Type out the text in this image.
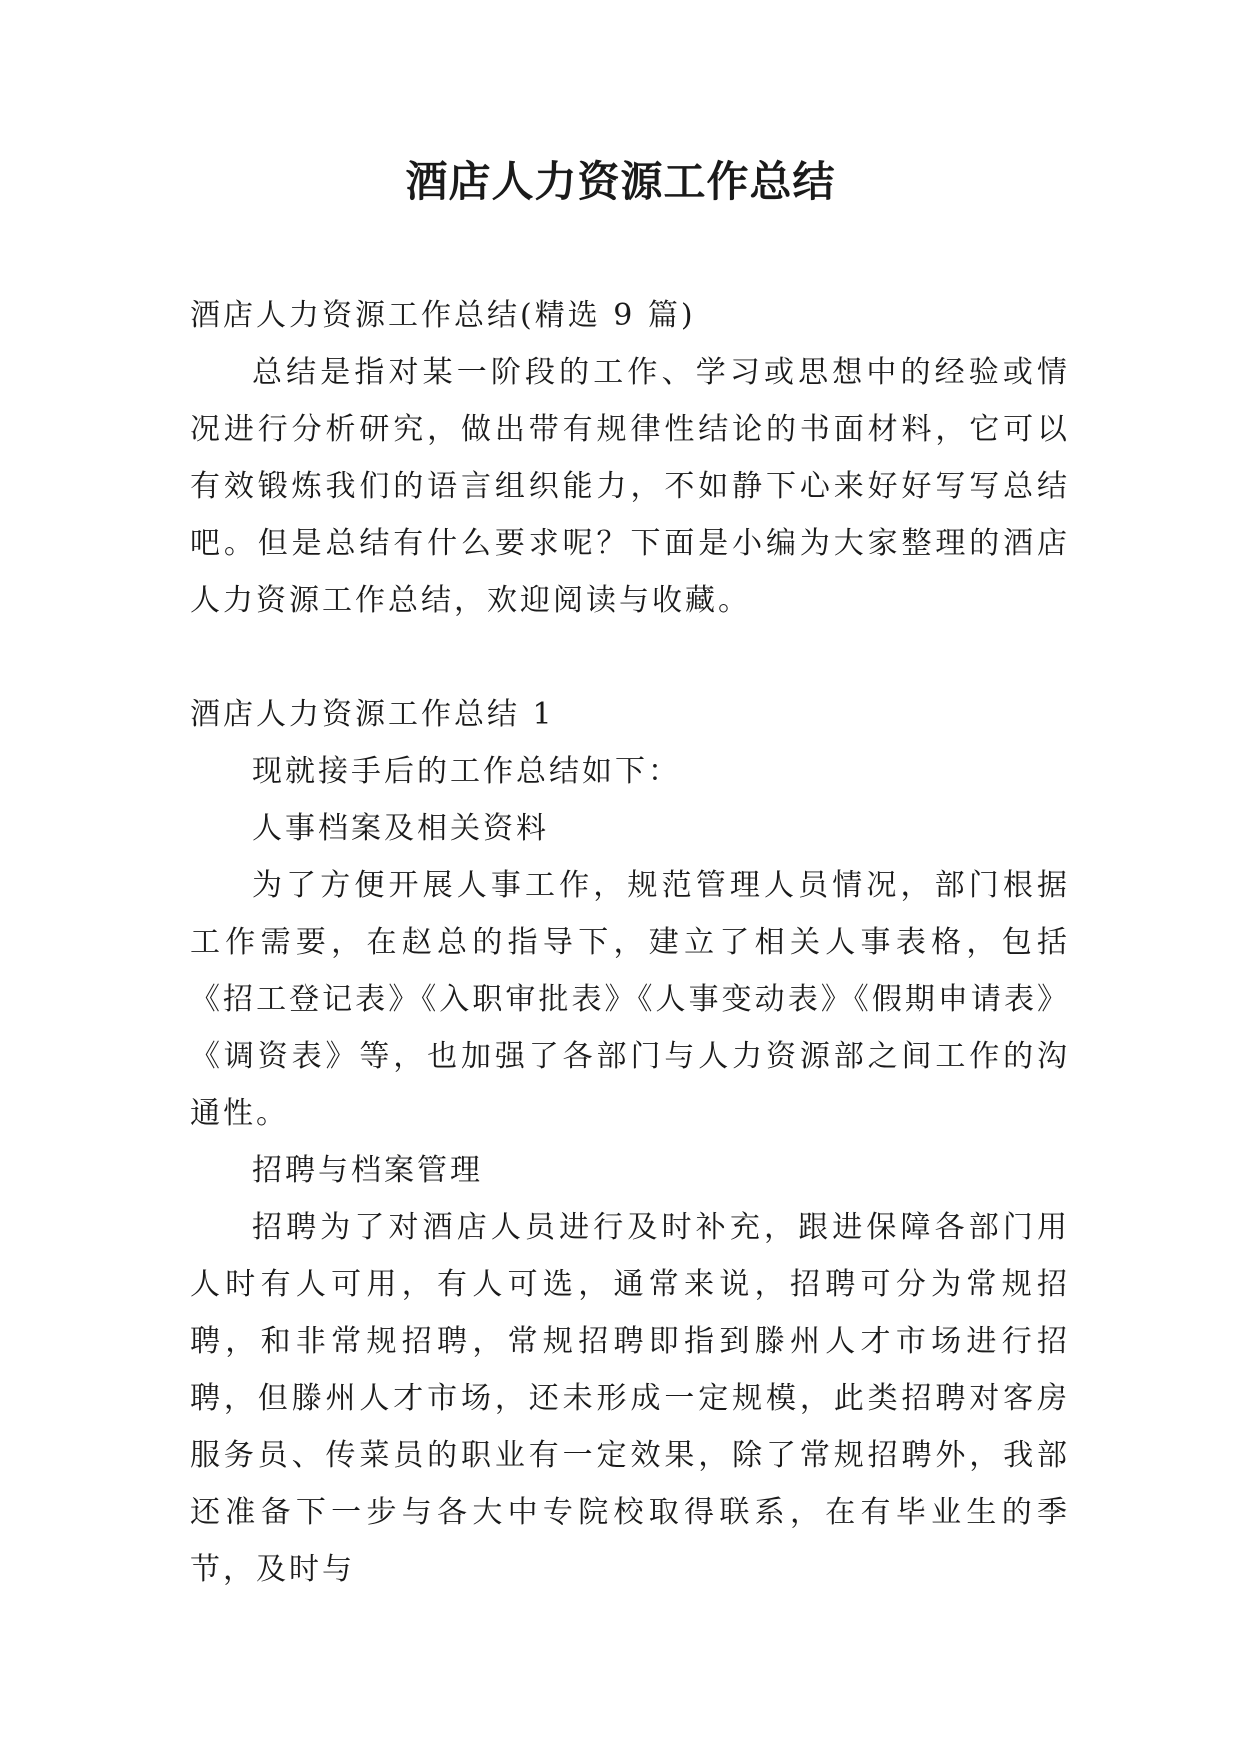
酒店人力资源工作总结

酒店人力资源工作总结(精选 9 篇)

总结是指对某一阶段的工作、学习或思想中的经验或情况进行分析研究，做出带有规律性结论的书面材料，它可以有效锻炼我们的语言组织能力，不如静下心来好好写写总结吧。但是总结有什么要求呢？下面是小编为大家整理的酒店人力资源工作总结，欢迎阅读与收藏。

酒店人力资源工作总结 1

现就接手后的工作总结如下：

人事档案及相关资料

为了方便开展人事工作，规范管理人员情况，部门根据工作需要，在赵总的指导下，建立了相关人事表格，包括《招工登记表》《入职审批表》《人事变动表》《假期申请表》《调资表》等，也加强了各部门与人力资源部之间工作的沟通性。

招聘与档案管理

招聘为了对酒店人员进行及时补充，跟进保障各部门用人时有人可用，有人可选，通常来说，招聘可分为常规招聘，和非常规招聘，常规招聘即指到滕州人才市场进行招聘，但滕州人才市场，还未形成一定规模，此类招聘对客房服务员、传菜员的职业有一定效果，除了常规招聘外，我部还准备下一步与各大中专院校取得联系，在有毕业生的季节，及时与
